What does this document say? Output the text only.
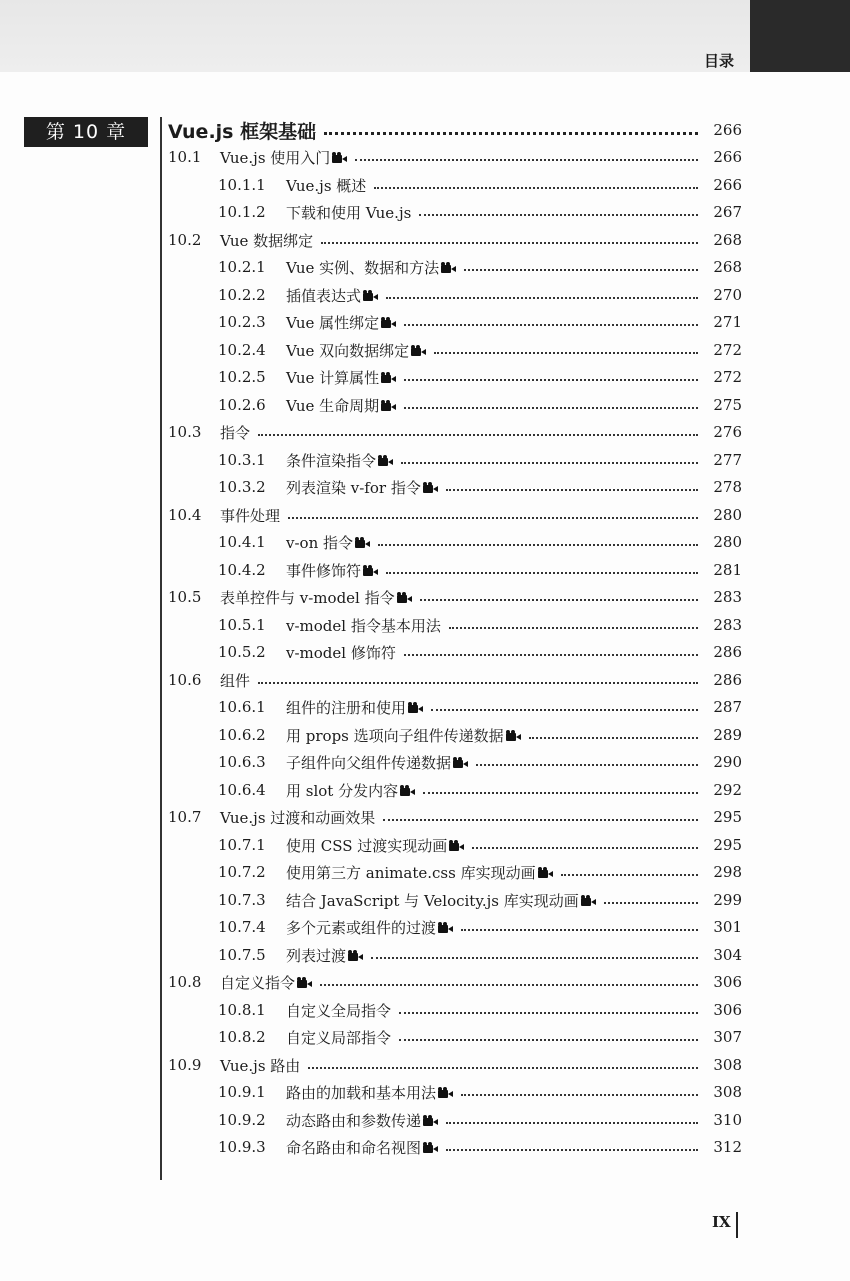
目录
第 10 章	Vue.js 框架基础	266
10.1	Vue.js 使用入门	266
10.1.1	Vue.js 概述	266
10.1.2	下载和使用 Vue.js	267
10.2	Vue 数据绑定	268
10.2.1	Vue 实例、数据和方法	268
10.2.2	插值表达式	270
10.2.3	Vue 属性绑定	271
10.2.4	Vue 双向数据绑定	272
10.2.5	Vue 计算属性	272
10.2.6	Vue 生命周期	275
10.3	指令	276
10.3.1	条件渲染指令	277
10.3.2	列表渲染 v-for 指令	278
10.4	事件处理	280
10.4.1	v-on 指令	280
10.4.2	事件修饰符	281
10.5	表单控件与 v-model 指令	283
10.5.1	v-model 指令基本用法	283
10.5.2	v-model 修饰符	286
10.6	组件	286
10.6.1	组件的注册和使用	287
10.6.2	用 props 选项向子组件传递数据	289
10.6.3	子组件向父组件传递数据	290
10.6.4	用 slot 分发内容	292
10.7	Vue.js 过渡和动画效果	295
10.7.1	使用 CSS 过渡实现动画	295
10.7.2	使用第三方 animate.css 库实现动画	298
10.7.3	结合 JavaScript 与 Velocity.js 库实现动画	299
10.7.4	多个元素或组件的过渡	301
10.7.5	列表过渡	304
10.8	自定义指令	306
10.8.1	自定义全局指令	306
10.8.2	自定义局部指令	307
10.9	Vue.js 路由	308
10.9.1	路由的加载和基本用法	308
10.9.2	动态路由和参数传递	310
10.9.3	命名路由和命名视图	312
IX
